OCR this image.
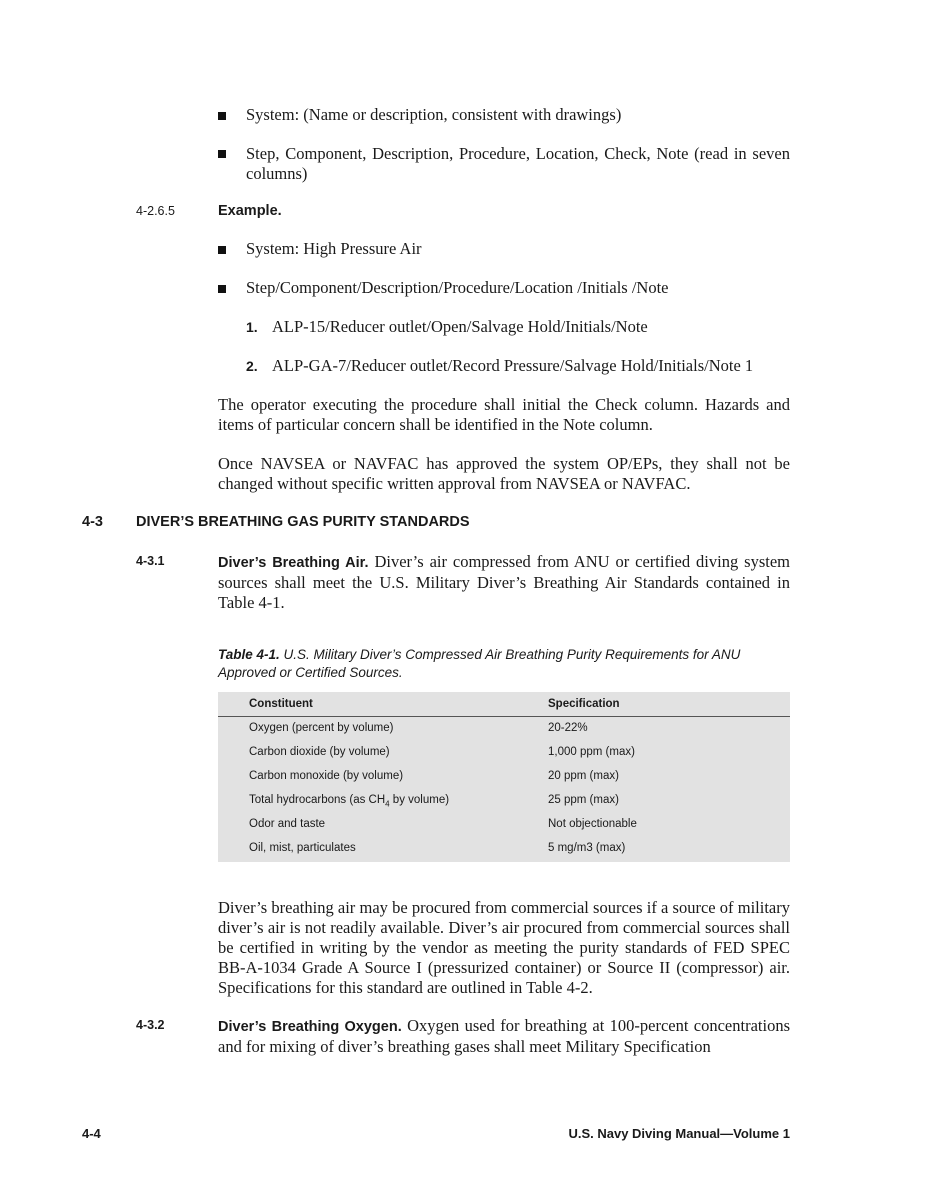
System: (Name or description, consistent with drawings)
Step, Component, Description, Procedure, Location, Check, Note (read in seven columns)
4-2.6.5	Example.
System: High Pressure Air
Step/Component/Description/Procedure/Location /Initials /Note
1. ALP-15/Reducer outlet/Open/Salvage Hold/Initials/Note
2. ALP-GA-7/Reducer outlet/Record Pressure/Salvage Hold/Initials/Note 1
The operator executing the procedure shall initial the Check column. Hazards and items of particular concern shall be identified in the Note column.
Once NAVSEA or NAVFAC has approved the system OP/EPs, they shall not be changed without specific written approval from NAVSEA or NAVFAC.
4-3 DIVER’S BREATHING GAS PURITY STANDARDS
4-3.1	Diver’s Breathing Air. Diver’s air compressed from ANU or certified diving system sources shall meet the U.S. Military Diver’s Breathing Air Standards contained in Table 4-1.
Table 4-1. U.S. Military Diver’s Compressed Air Breathing Purity Requirements for ANU Approved or Certified Sources.
Constituent	Specification
Oxygen (percent by volume)	20-22%
Carbon dioxide (by volume)	1,000 ppm (max)
Carbon monoxide (by volume)	20 ppm (max)
Total hydrocarbons (as $CH_4$ by volume)	25 ppm (max)
Odor and taste	Not objectionable
Oil, mist, particulates	5 mg/m3 (max)
Diver’s breathing air may be procured from commercial sources if a source of military diver’s air is not readily available. Diver’s air procured from commercial sources shall be certified in writing by the vendor as meeting the purity standards of FED SPEC BB-A-1034 Grade A Source I (pressurized container) or Source II (compressor) air. Specifications for this standard are outlined in Table 4-2.
4-3.2	Diver’s Breathing Oxygen. Oxygen used for breathing at 100-percent concentrations and for mixing of diver’s breathing gases shall meet Military Specification
4-4	U.S. Navy Diving Manual—Volume 1
